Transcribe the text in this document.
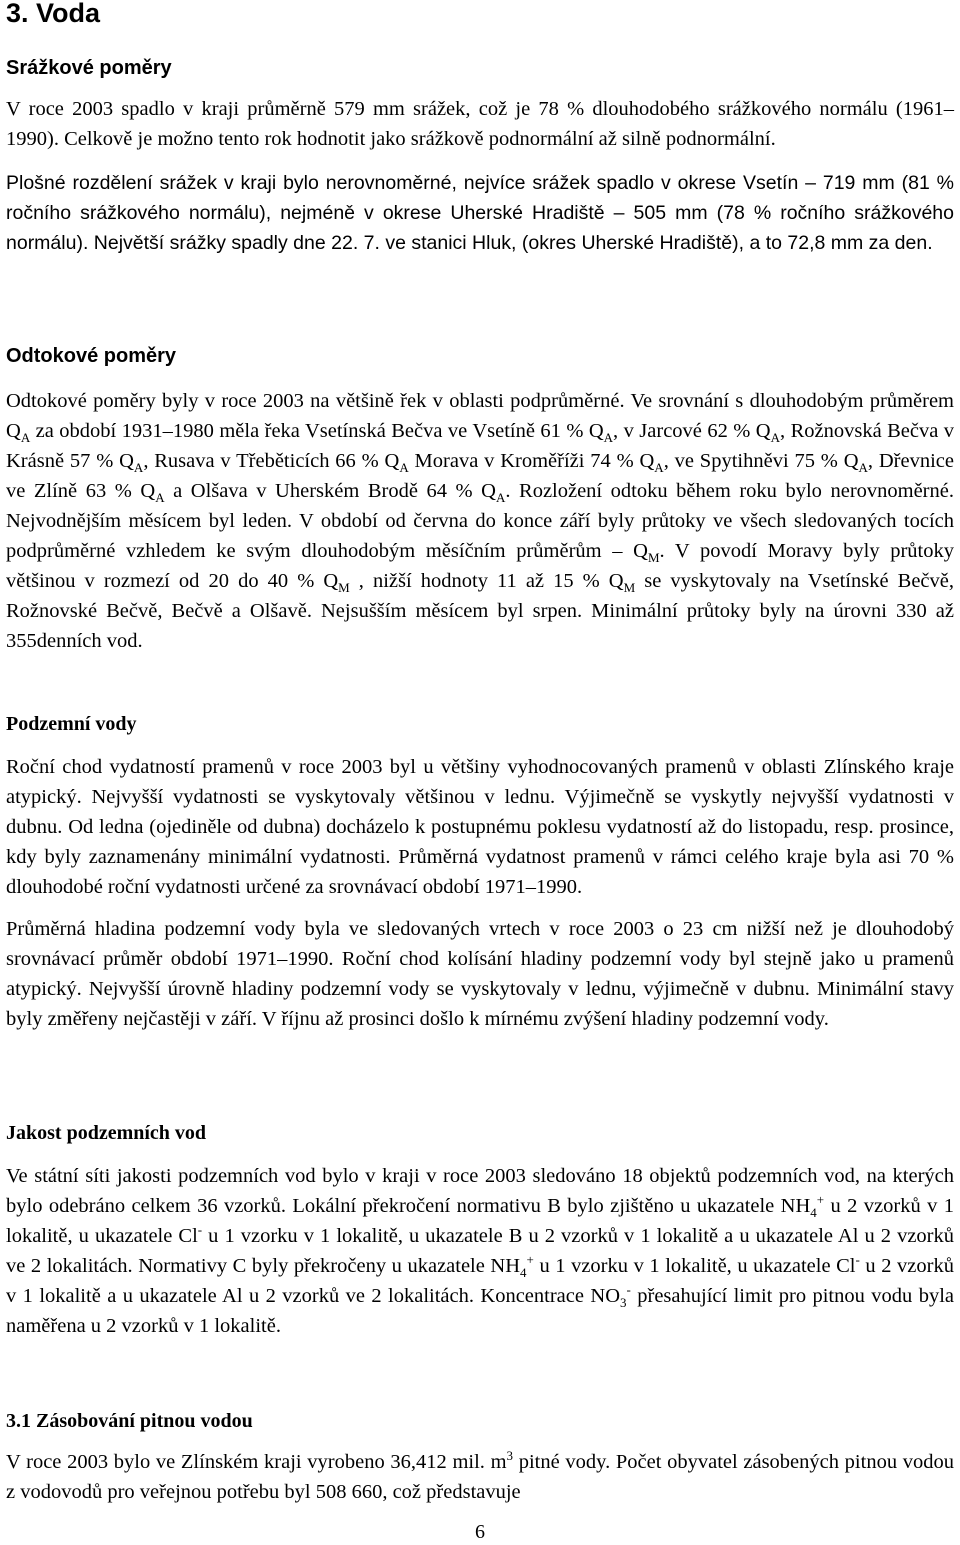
3. Voda
Srážkové poměry

V roce 2003 spadlo v kraji průměrně 579 mm srážek, což je 78 % dlouhodobého srážkového normálu (1961–1990). Celkově je možno tento rok hodnotit jako srážkově podnormální až silně podnormální.

Plošné rozdělení srážek v kraji bylo nerovnoměrné, nejvíce srážek spadlo v okrese Vsetín – 719 mm (81 % ročního srážkového normálu), nejméně v okrese Uherské Hradiště – 505 mm (78 % ročního srážkového normálu). Největší srážky spadly dne 22. 7. ve stanici Hluk, (okres Uherské Hradiště), a to 72,8 mm za den.

Odtokové poměry

Odtokové poměry byly v roce 2003 na většině řek v oblasti podprůměrné. Ve srovnání s dlouhodobým průměrem $Q_A$ za období 1931–1980 měla řeka Vsetínská Bečva ve Vsetíně 61 % $Q_A$, v Jarcové 62 % $Q_A$, Rožnovská Bečva v Krásně 57 % $Q_A$, Rusava v Třeběticích 66 % $Q_A$ Morava v Kroměříži 74 % $Q_A$, ve Spytihněvi 75 % $Q_A$, Dřevnice ve Zlíně 63 % $Q_A$ a Olšava v Uherském Brodě 64 % $Q_A$. Rozložení odtoku během roku bylo nerovnoměrné. Nejvodnějším měsícem byl leden. V období od června do konce září byly průtoky ve všech sledovaných tocích podprůměrné vzhledem ke svým dlouhodobým měsíčním průměrům – $Q_M$. V povodí Moravy byly průtoky většinou v rozmezí od 20 do 40 % $Q_M$ , nižší hodnoty 11 až 15 % $Q_M$ se vyskytovaly na Vsetínské Bečvě, Rožnovské Bečvě, Bečvě a Olšavě. Nejsušším měsícem byl srpen. Minimální průtoky byly na úrovni 330 až 355denních vod.

Podzemní vody

Roční chod vydatností pramenů v roce 2003 byl u většiny vyhodnocovaných pramenů v oblasti Zlínského kraje atypický. Nejvyšší vydatnosti se vyskytovaly většinou v lednu. Výjimečně se vyskytly nejvyšší vydatnosti v dubnu. Od ledna (ojediněle od dubna) docházelo k postupnému poklesu vydatností až do listopadu, resp. prosince, kdy byly zaznamenány minimální vydatnosti. Průměrná vydatnost pramenů v rámci celého kraje byla asi 70 % dlouhodobé roční vydatnosti určené za srovnávací období 1971–1990.

Průměrná hladina podzemní vody byla ve sledovaných vrtech v roce 2003 o 23 cm nižší než je dlouhodobý srovnávací průměr období 1971–1990. Roční chod kolísání hladiny podzemní vody byl stejně jako u pramenů atypický. Nejvyšší úrovně hladiny podzemní vody se vyskytovaly v lednu, výjimečně v dubnu. Minimální stavy byly změřeny nejčastěji v září. V říjnu až prosinci došlo k mírnému zvýšení hladiny podzemní vody.

Jakost podzemních vod

Ve státní síti jakosti podzemních vod bylo v kraji v roce 2003 sledováno 18 objektů podzemních vod, na kterých bylo odebráno celkem 36 vzorků. Lokální překročení normativu B bylo zjištěno u ukazatele $NH_4^+$ u 2 vzorků v 1 lokalitě, u ukazatele Cl- u 1 vzorku v 1 lokalitě, u ukazatele B u 2 vzorků v 1 lokalitě a u ukazatele Al u 2 vzorků ve 2 lokalitách. Normativy C byly překročeny u ukazatele $NH_4^+$ u 1 vzorku v 1 lokalitě, u ukazatele Cl- u 2 vzorků v 1 lokalitě a u ukazatele Al u 2 vzorků ve 2 lokalitách. Koncentrace $NO_3^-$ přesahující limit pro pitnou vodu byla naměřena u 2 vzorků v 1 lokalitě.

3.1 Zásobování pitnou vodou

V roce 2003 bylo ve Zlínském kraji vyrobeno 36,412 mil. $m^3$ pitné vody. Počet obyvatel zásobených pitnou vodou z vodovodů pro veřejnou potřebu byl 508 660, což představuje

6
